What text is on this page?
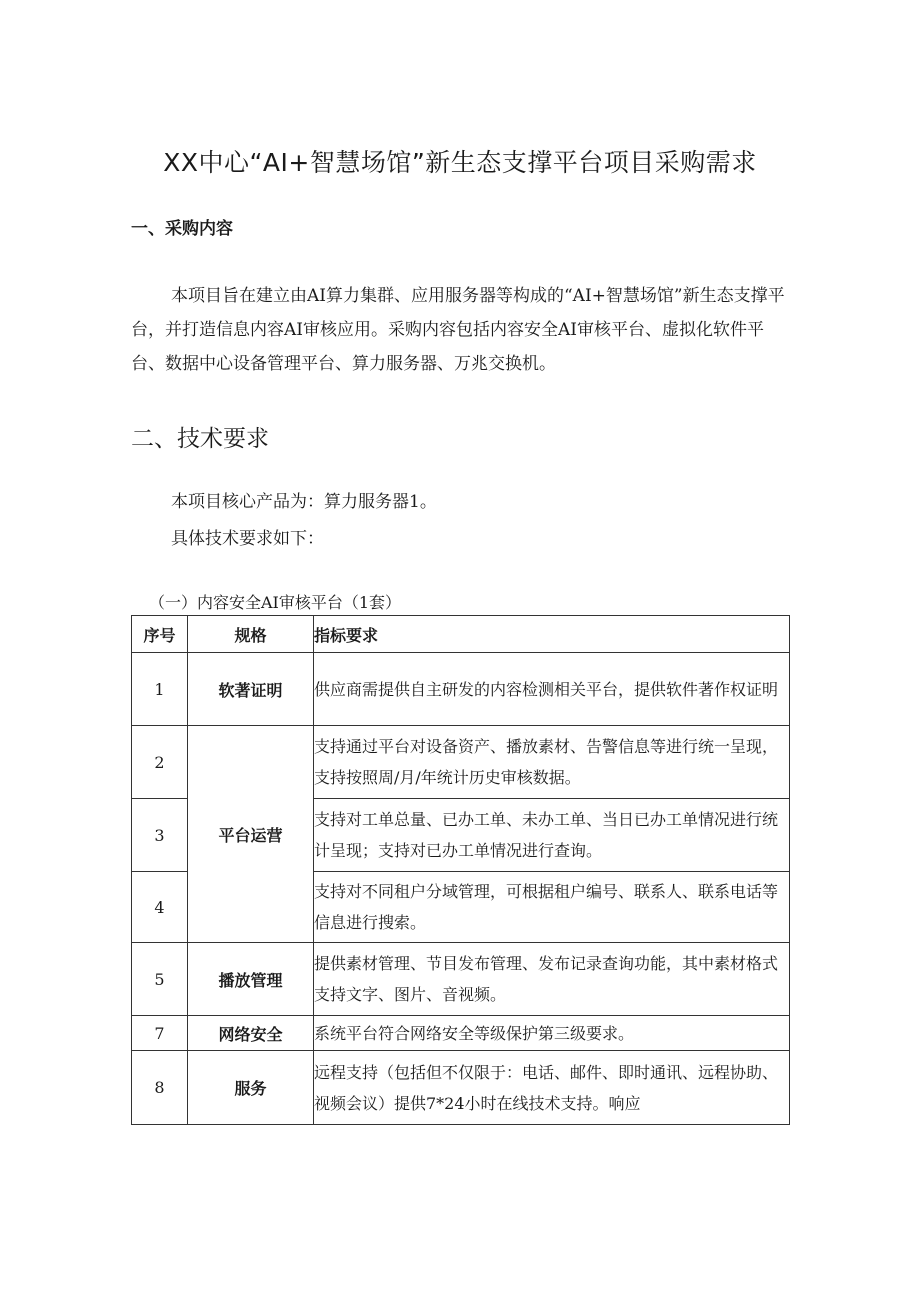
XX中心“AI+智慧场馆”新生态支撑平台项目采购需求
一、采购内容

本项目旨在建立由AI算力集群、应用服务器等构成的“AI+智慧场馆”新生态支撑平台，并打造信息内容AI审核应用。采购内容包括内容安全AI审核平台、虚拟化软件平台、数据中心设备管理平台、算力服务器、万兆交换机。

二、技术要求

本项目核心产品为：算力服务器1。

具体技术要求如下：

（一）内容安全AI审核平台（1套）

序号	规格	指标要求
1	软著证明	供应商需提供自主研发的内容检测相关平台，提供软件著作权证明
2	平台运营	支持通过平台对设备资产、播放素材、告警信息等进行统一呈现，支持按照周/月/年统计历史审核数据。
3		支持对工单总量、已办工单、未办工单、当日已办工单情况进行统计呈现；支持对已办工单情况进行查询。
4		支持对不同租户分域管理，可根据租户编号、联系人、联系电话等信息进行搜索。
5	播放管理	提供素材管理、节目发布管理、发布记录查询功能，其中素材格式支持文字、图片、音视频。
7	网络安全	系统平台符合网络安全等级保护第三级要求。
8	服务	远程支持（包括但不仅限于：电话、邮件、即时通讯、远程协助、视频会议）提供7*24小时在线技术支持。响应
